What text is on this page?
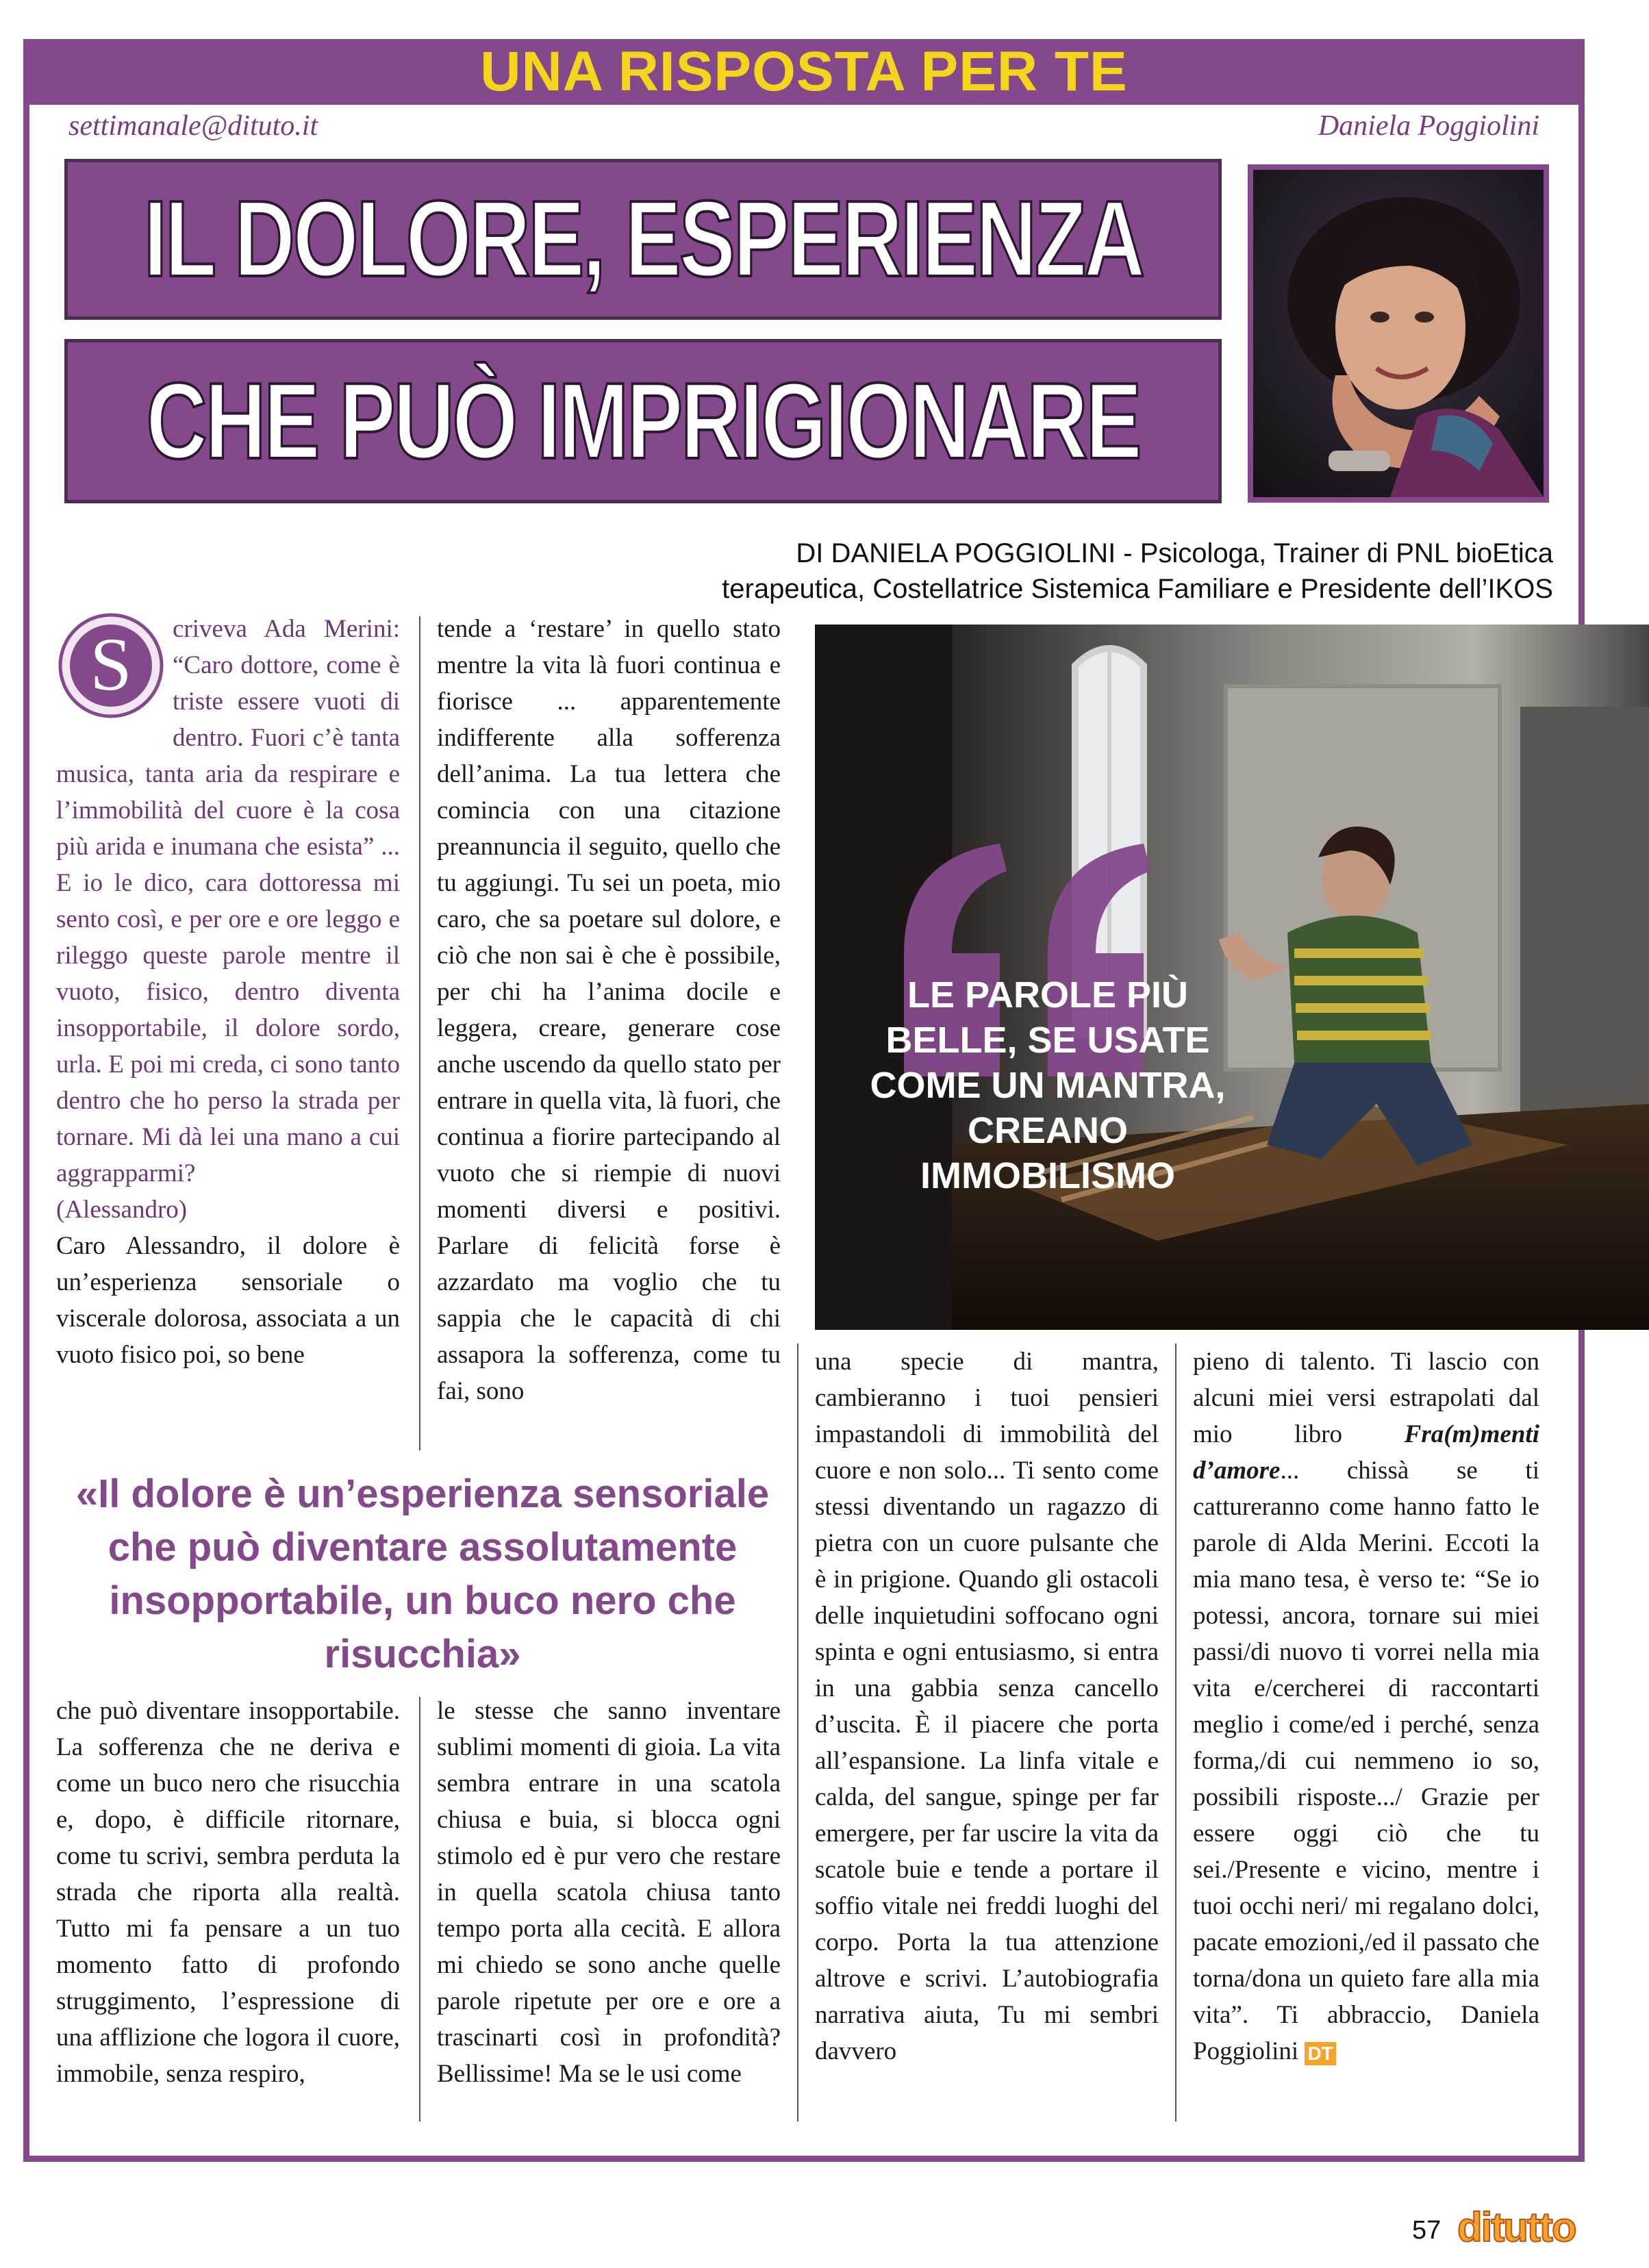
UNA RISPOSTA PER TE
settimanale@dituto.it	Daniela Poggiolini
IL DOLORE, ESPERIENZA
CHE PUÒ IMPRIGIONARE
DI DANIELA POGGIOLINI - Psicologa, Trainer di PNL bioEtica
terapeutica, Costellatrice Sistemica Familiare e Presidente dell’IKOS
S	criveva Ada Merini: “Caro dottore, come è triste essere vuoti di dentro. Fuori c’è tanta musica, tanta aria da respirare e l’immobilità del cuore è la cosa più arida e inumana che esista” ... E io le dico, cara dottoressa mi sento così, e per ore e ore leggo e rileggo queste parole mentre il vuoto, fisico, dentro diventa insopportabile, il dolore sordo, urla. E poi mi creda, ci sono tanto dentro che ho perso la strada per tornare. Mi dà lei una mano a cui aggrapparmi?

(Alessandro)

Caro Alessandro, il dolore è un’esperienza sensoriale o viscerale dolorosa, associata a un vuoto fisico poi, so bene

tende a ‘restare’ in quello stato mentre la vita là fuori continua e fiorisce ... apparentemente indifferente alla sofferenza dell’anima. La tua lettera che comincia con una citazione preannuncia il seguito, quello che tu aggiungi. Tu sei un poeta, mio caro, che sa poetare sul dolore, e ciò che non sai è che è possibile, per chi ha l’anima docile e leggera, creare, generare cose anche uscendo da quello stato per entrare in quella vita, là fuori, che continua a fiorire partecipando al vuoto che si riempie di nuovi momenti diversi e positivi. Parlare di felicità forse è azzardato ma voglio che tu sappia che le capacità di chi assapora la sofferenza, come tu fai, sono

LE PAROLE PIÙ BELLE, SE USATE COME UN MANTRA, CREANO IMMOBILISMO
«Il dolore è un’esperienza sensoriale che può diventare assolutamente insopportabile, un buco nero che risucchia»

che può diventare insopportabile. La sofferenza che ne deriva e come un buco nero che risucchia e, dopo, è difficile ritornare, come tu scrivi, sembra perduta la strada che riporta alla realtà. Tutto mi fa pensare a un tuo momento fatto di profondo struggimento, l’espressione di una afflizione che logora il cuore, immobile, senza respiro,

le stesse che sanno inventare sublimi momenti di gioia. La vita sembra entrare in una scatola chiusa e buia, si blocca ogni stimolo ed è pur vero che restare in quella scatola chiusa tanto tempo porta alla cecità. E allora mi chiedo se sono anche quelle parole ripetute per ore e ore a trascinarti così in profondità? Bellissime! Ma se le usi come

una specie di mantra, cambieranno i tuoi pensieri impastandoli di immobilità del cuore e non solo... Ti sento come stessi diventando un ragazzo di pietra con un cuore pulsante che è in prigione. Quando gli ostacoli delle inquietudini soffocano ogni spinta e ogni entusiasmo, si entra in una gabbia senza cancello d’uscita. È il piacere che porta all’espansione. La linfa vitale e calda, del sangue, spinge per far emergere, per far uscire la vita da scatole buie e tende a portare il soffio vitale nei freddi luoghi del corpo. Porta la tua attenzione altrove e scrivi. L’autobiografia narrativa aiuta, Tu mi sembri davvero

pieno di talento. Ti lascio con alcuni miei versi estrapolati dal mio libro Fra(m)menti d’amore... chissà se ti cattureranno come hanno fatto le parole di Alda Merini. Eccoti la mia mano tesa, è verso te: “Se io potessi, ancora, tornare sui miei passi/di nuovo ti vorrei nella mia vita e/cercherei di raccontarti meglio i come/ed i perché, senza forma,/di cui nemmeno io so, possibili risposte.../ Grazie per essere oggi ciò che tu sei./Presente e vicino, mentre i tuoi occhi neri/ mi regalano dolci, pacate emozioni,/ed il passato che torna/dona un quieto fare alla mia vita”. Ti abbraccio, Daniela Poggiolini DT

57 ditutto
